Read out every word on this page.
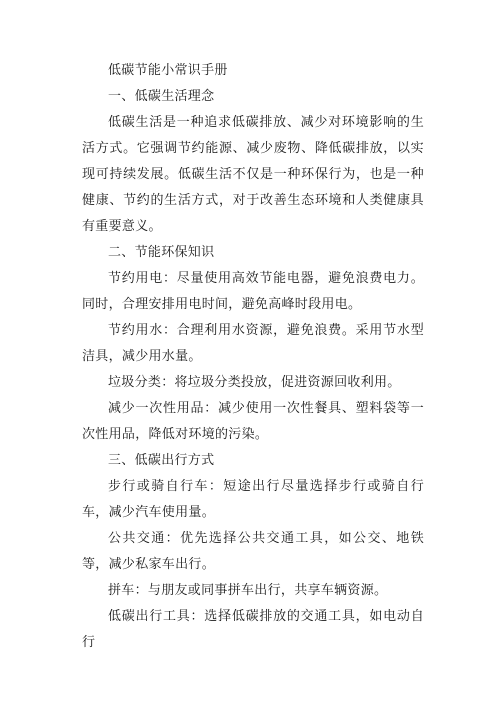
低碳节能小常识手册

一、低碳生活理念

低碳生活是一种追求低碳排放、减少对环境影响的生活方式。它强调节约能源、减少废物、降低碳排放，以实现可持续发展。低碳生活不仅是一种环保行为，也是一种健康、节约的生活方式，对于改善生态环境和人类健康具有重要意义。

二、节能环保知识

节约用电：尽量使用高效节能电器，避免浪费电力。同时，合理安排用电时间，避免高峰时段用电。

节约用水：合理利用水资源，避免浪费。采用节水型洁具，减少用水量。

垃圾分类：将垃圾分类投放，促进资源回收利用。

减少一次性用品：减少使用一次性餐具、塑料袋等一次性用品，降低对环境的污染。

三、低碳出行方式

步行或骑自行车：短途出行尽量选择步行或骑自行车，减少汽车使用量。

公共交通：优先选择公共交通工具，如公交、地铁等，减少私家车出行。

拼车：与朋友或同事拼车出行，共享车辆资源。

低碳出行工具：选择低碳排放的交通工具，如电动自行
